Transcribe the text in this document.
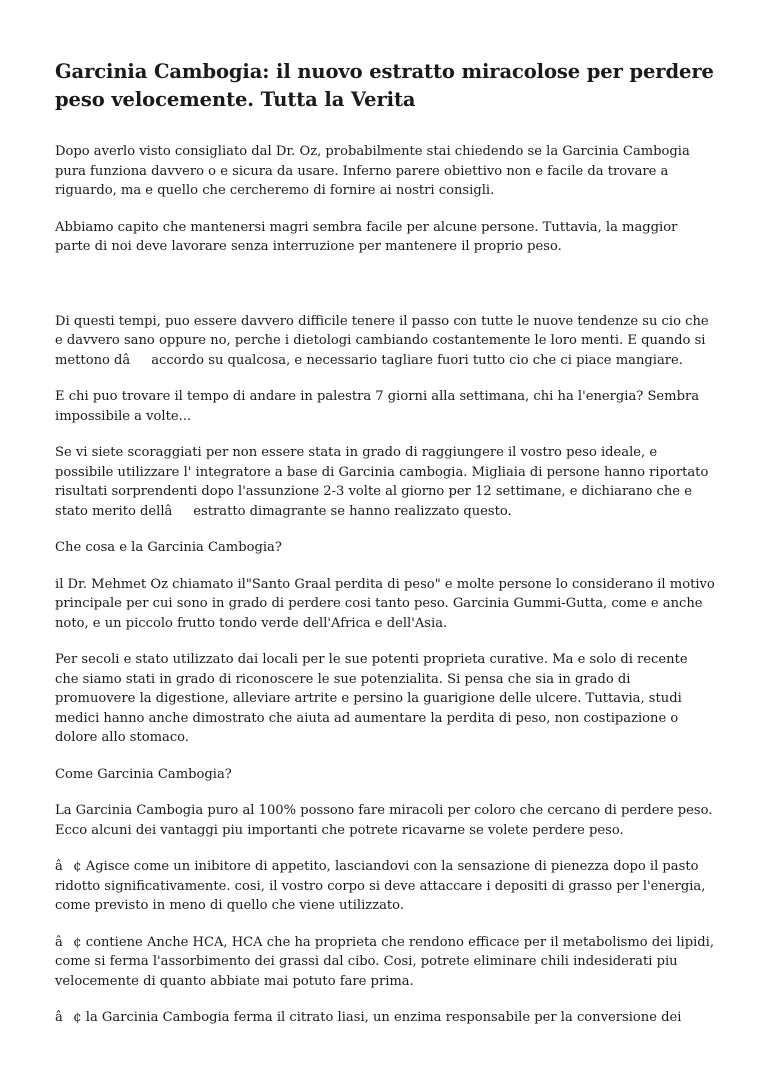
Garcinia Cambogia: il nuovo estratto miracolose per perdere peso velocemente. Tutta la Verita

Dopo averlo visto consigliato dal Dr. Oz, probabilmente stai chiedendo se la Garcinia Cambogia pura funziona davvero o e sicura da usare. Inferno parere obiettivo non e facile da trovare a riguardo, ma e quello che cercheremo di fornire ai nostri consigli.

Abbiamo capito che mantenersi magri sembra facile per alcune persone. Tuttavia, la maggior parte di noi deve lavorare senza interruzione per mantenere il proprio peso.

Di questi tempi, puo essere davvero difficile tenere il passo con tutte le nuove tendenze su cio che e davvero sano oppure no, perche i dietologi cambiando costantemente le loro menti. E quando si mettono dâaccordo su qualcosa, e necessario tagliare fuori tutto cio che ci piace mangiare.

E chi puo trovare il tempo di andare in palestra 7 giorni alla settimana, chi ha l'energia? Sembra impossibile a volte...

Se vi siete scoraggiati per non essere stata in grado di raggiungere il vostro peso ideale, e possibile utilizzare l' integratore a base di Garcinia cambogia. Migliaia di persone hanno riportato risultati sorprendenti dopo l'assunzione 2-3 volte al giorno per 12 settimane, e dichiarano che e stato merito dellâestratto dimagrante se hanno realizzato questo.

Che cosa e la Garcinia Cambogia?

il Dr. Mehmet Oz chiamato il"Santo Graal perdita di peso" e molte persone lo considerano il motivo principale per cui sono in grado di perdere cosi tanto peso. Garcinia Gummi-Gutta, come e anche noto, e un piccolo frutto tondo verde dell'Africa e dell'Asia.

Per secoli e stato utilizzato dai locali per le sue potenti proprieta curative. Ma e solo di recente che siamo stati in grado di riconoscere le sue potenzialita. Si pensa che sia in grado di promuovere la digestione, alleviare artrite e persino la guarigione delle ulcere. Tuttavia, studi medici hanno anche dimostrato che aiuta ad aumentare la perdita di peso, non costipazione o dolore allo stomaco.

Come Garcinia Cambogia?

La Garcinia Cambogia puro al 100% possono fare miracoli per coloro che cercano di perdere peso. Ecco alcuni dei vantaggi piu importanti che potrete ricavarne se volete perdere peso.

â¢ Agisce come un inibitore di appetito, lasciandovi con la sensazione di pienezza dopo il pasto ridotto significativamente. cosi, il vostro corpo si deve attaccare i depositi di grasso per l'energia, come previsto in meno di quello che viene utilizzato.

â¢ contiene Anche HCA, HCA che ha proprieta che rendono efficace per il metabolismo dei lipidi, come si ferma l'assorbimento dei grassi dal cibo. Cosi, potrete eliminare chili indesiderati piu velocemente di quanto abbiate mai potuto fare prima.

â¢ la Garcinia Cambogia ferma il citrato liasi, un enzima responsabile per la conversione dei
